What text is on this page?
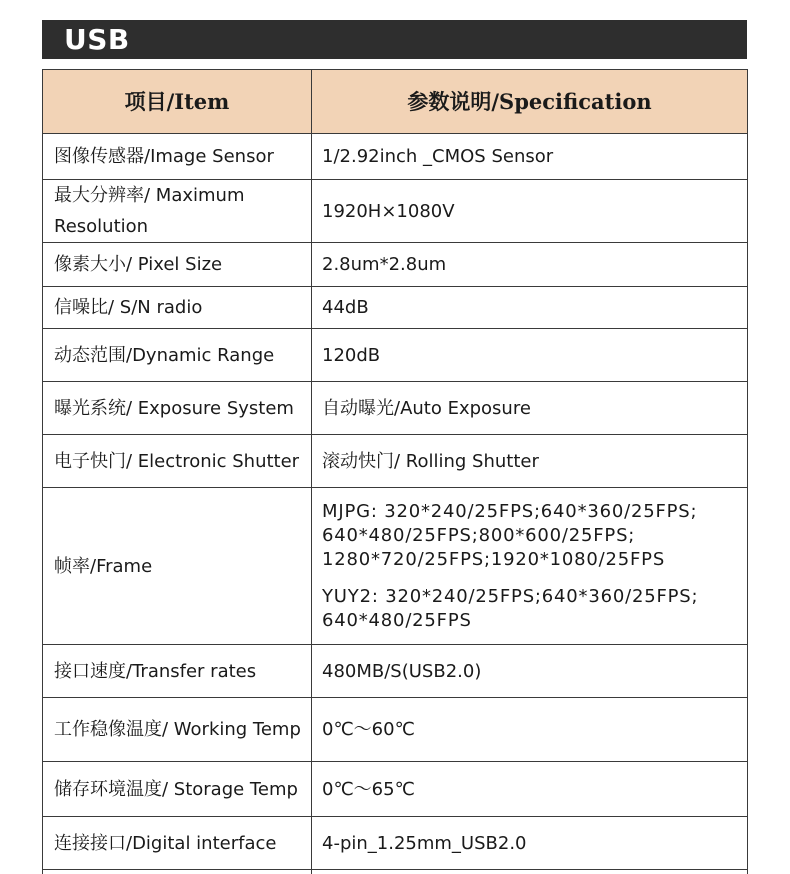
USB
项目/Item	参数说明/Specification
图像传感器/Image Sensor	1/2.92inch _CMOS Sensor
最大分辨率/ Maximum Resolution	1920H×1080V
像素大小/ Pixel Size	2.8um*2.8um
信噪比/ S/N radio	44dB
动态范围/Dynamic Range	120dB
曝光系统/ Exposure System	自动曝光/Auto Exposure
电子快门/ Electronic Shutter	滚动快门/ Rolling Shutter
帧率/Frame	MJPG: 320*240/25FPS;640*360/25FPS; 640*480/25FPS;800*600/25FPS; 1280*720/25FPS;1920*1080/25FPS
YUY2: 320*240/25FPS;640*360/25FPS; 640*480/25FPS

接口速度/Transfer rates	480MB/S(USB2.0)
工作稳像温度/ Working Temp	0℃～60℃
储存环境温度/ Storage Temp	0℃～65℃
连接接口/Digital interface	4-pin_1.25mm_USB2.0
